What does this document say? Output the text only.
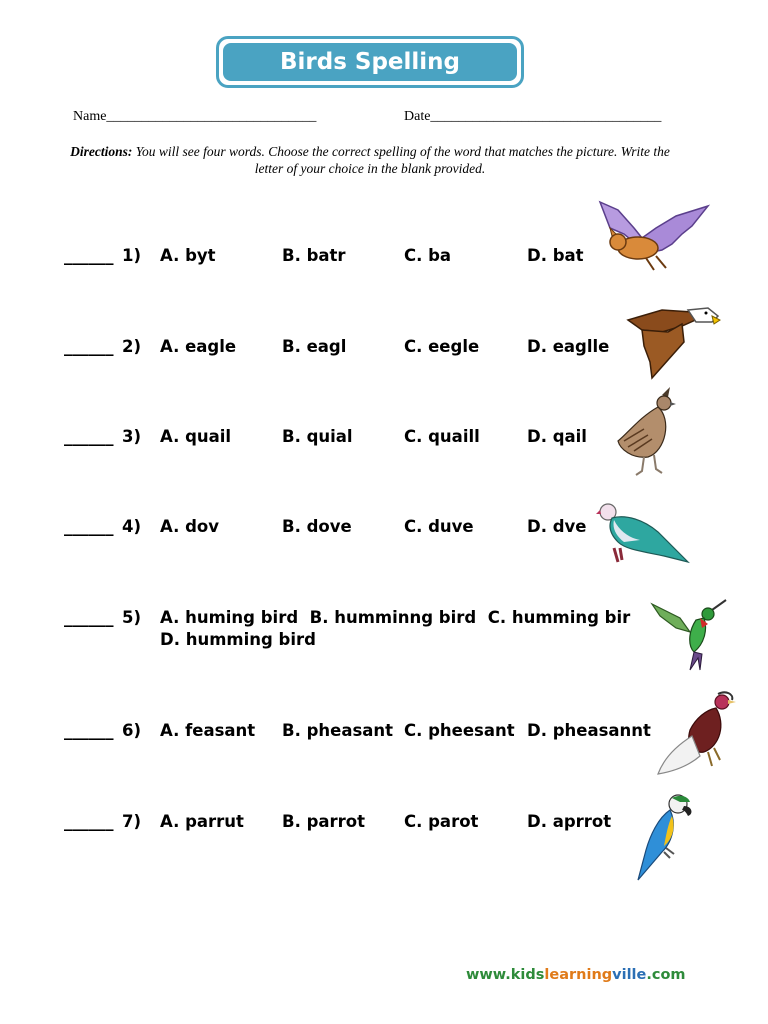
Birds Spelling
Name______________________________	Date_________________________________
Directions: You will see four words. Choose the correct spelling of the word that matches the picture. Write the letter of your choice in the blank provided.
______ 1) A. byt	B. batr	C. ba	D. bat
______ 2) A. eagle	B. eagl	C. eegle	D. eaglle
______ 3) A. quail	B. quial	C. quaill	D. qail
______ 4) A. dov	B. dove	C. duve	D. dve
______ 5) A. huming bird  B. humminng bird  C. humming bir
D. humming bird
______ 6) A. feasant B. pheasant C. pheesant D. pheasannt
______ 7) A. parrut B. parrot C. parot	D. aprrot
www.kidslearningville.com
